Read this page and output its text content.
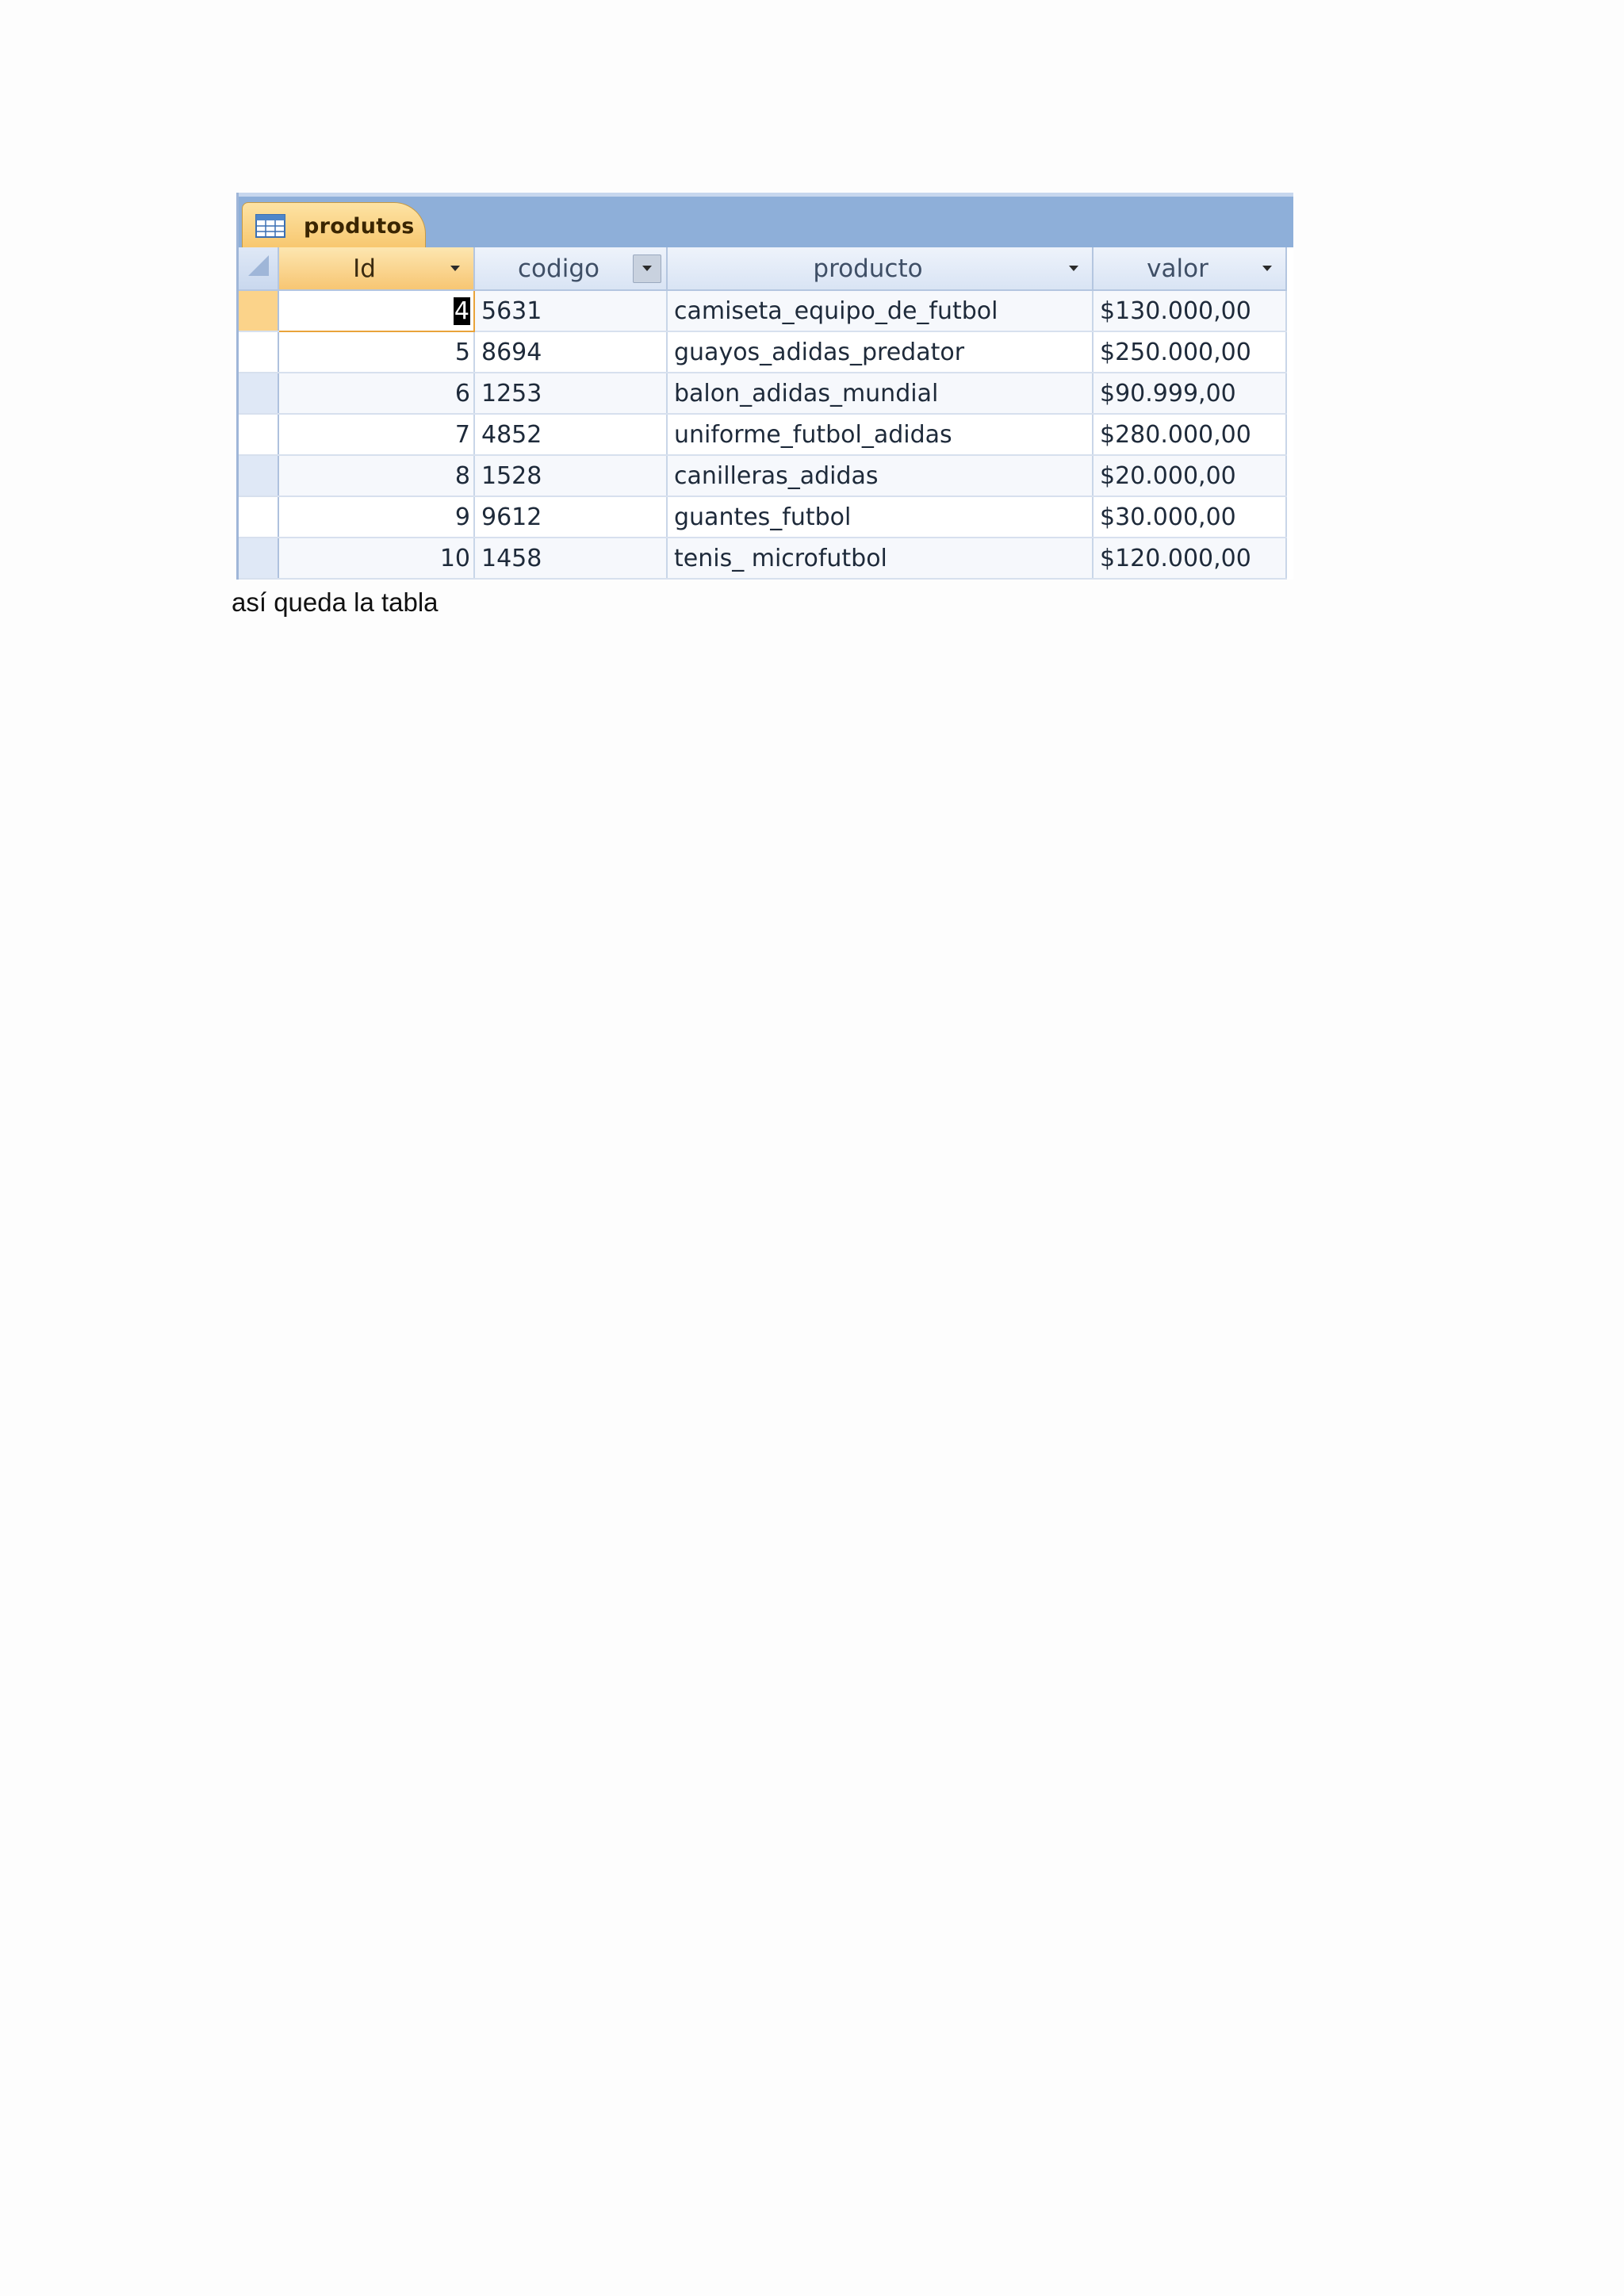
produtos

Id	codigo	producto	valor	

	4	5631	camiseta_equipo_de_futbol	$130.000,00	
	5	8694	guayos_adidas_predator	$250.000,00	
	6	1253	balon_adidas_mundial	$90.999,00	
	7	4852	uniforme_futbol_adidas	$280.000,00	
	8	1528	canilleras_adidas	$20.000,00	
	9	9612	guantes_futbol	$30.000,00	
	10	1458	tenis_ microfutbol	$120.000,00	
así queda la tabla
